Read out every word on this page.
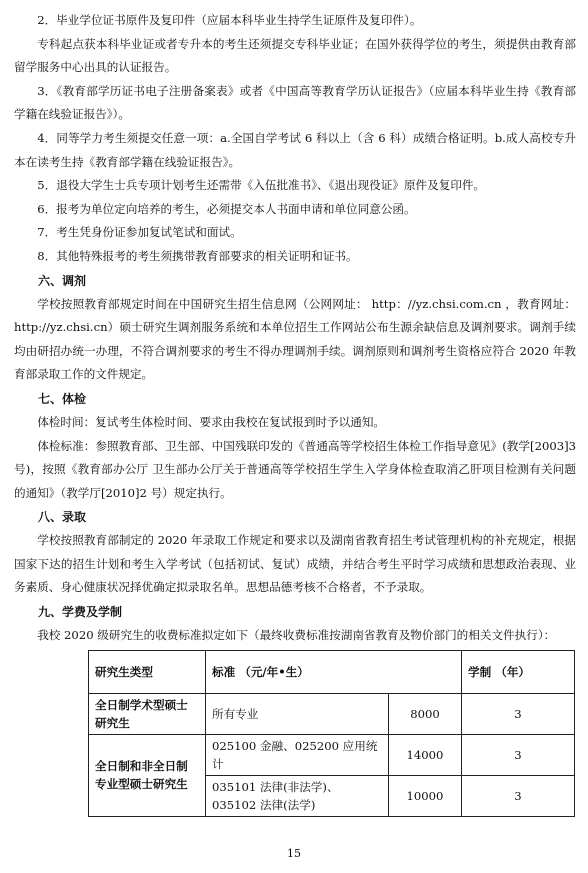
2．毕业学位证书原件及复印件（应届本科毕业生持学生证原件及复印件）。

专科起点获本科毕业证或者专升本的考生还须提交专科毕业证；在国外获得学位的考生，须提供由教育部留学服务中心出具的认证报告。

3．《教育部学历证书电子注册备案表》或者《中国高等教育学历认证报告》（应届本科毕业生持《教育部学籍在线验证报告》）。

4．同等学力考生须提交任意一项：a.全国自学考试 6 科以上（含 6 科）成绩合格证明。b.成人高校专升本在读考生持《教育部学籍在线验证报告》。

5．退役大学生士兵专项计划考生还需带《入伍批准书》、《退出现役证》原件及复印件。

6．报考为单位定向培养的考生，必须提交本人书面申请和单位同意公函。

7．考生凭身份证参加复试笔试和面试。

8．其他特殊报考的考生须携带教育部要求的相关证明和证书。

六、调剂

学校按照教育部规定时间在中国研究生招生信息网（公网网址： http：//yz.chsi.com.cn ，教育网址：http://yz.chsi.cn）硕士研究生调剂服务系统和本单位招生工作网站公布生源余缺信息及调剂要求。调剂手续均由研招办统一办理，不符合调剂要求的考生不得办理调剂手续。调剂原则和调剂考生资格应符合 2020 年教育部录取工作的文件规定。

七、体检

体检时间：复试考生体检时间、要求由我校在复试报到时予以通知。

体检标准：参照教育部、卫生部、中国残联印发的《普通高等学校招生体检工作指导意见》(教学[2003]3 号)，按照《教育部办公厅 卫生部办公厅关于普通高等学校招生学生入学身体检查取消乙肝项目检测有关问题的通知》（教学厅[2010]2 号）规定执行。

八、录取

学校按照教育部制定的 2020 年录取工作规定和要求以及湖南省教育招生考试管理机构的补充规定，根据国家下达的招生计划和考生入学考试（包括初试、复试）成绩，并结合考生平时学习成绩和思想政治表现、业务素质、身心健康状况择优确定拟录取名单。思想品德考核不合格者，不予录取。

九、学费及学制

我校 2020 级研究生的收费标准拟定如下（最终收费标准按湖南省教育及物价部门的相关文件执行）：

研究生类型	标准 （元/年•生）		学制 （年）
全日制学术型硕士研究生	所有专业	8000	3
全日制和非全日制专业型硕士研究生	025100 金融、025200 应用统计	14000	3
	035101 法律(非法学)、035102 法律(法学)	10000	3
15
